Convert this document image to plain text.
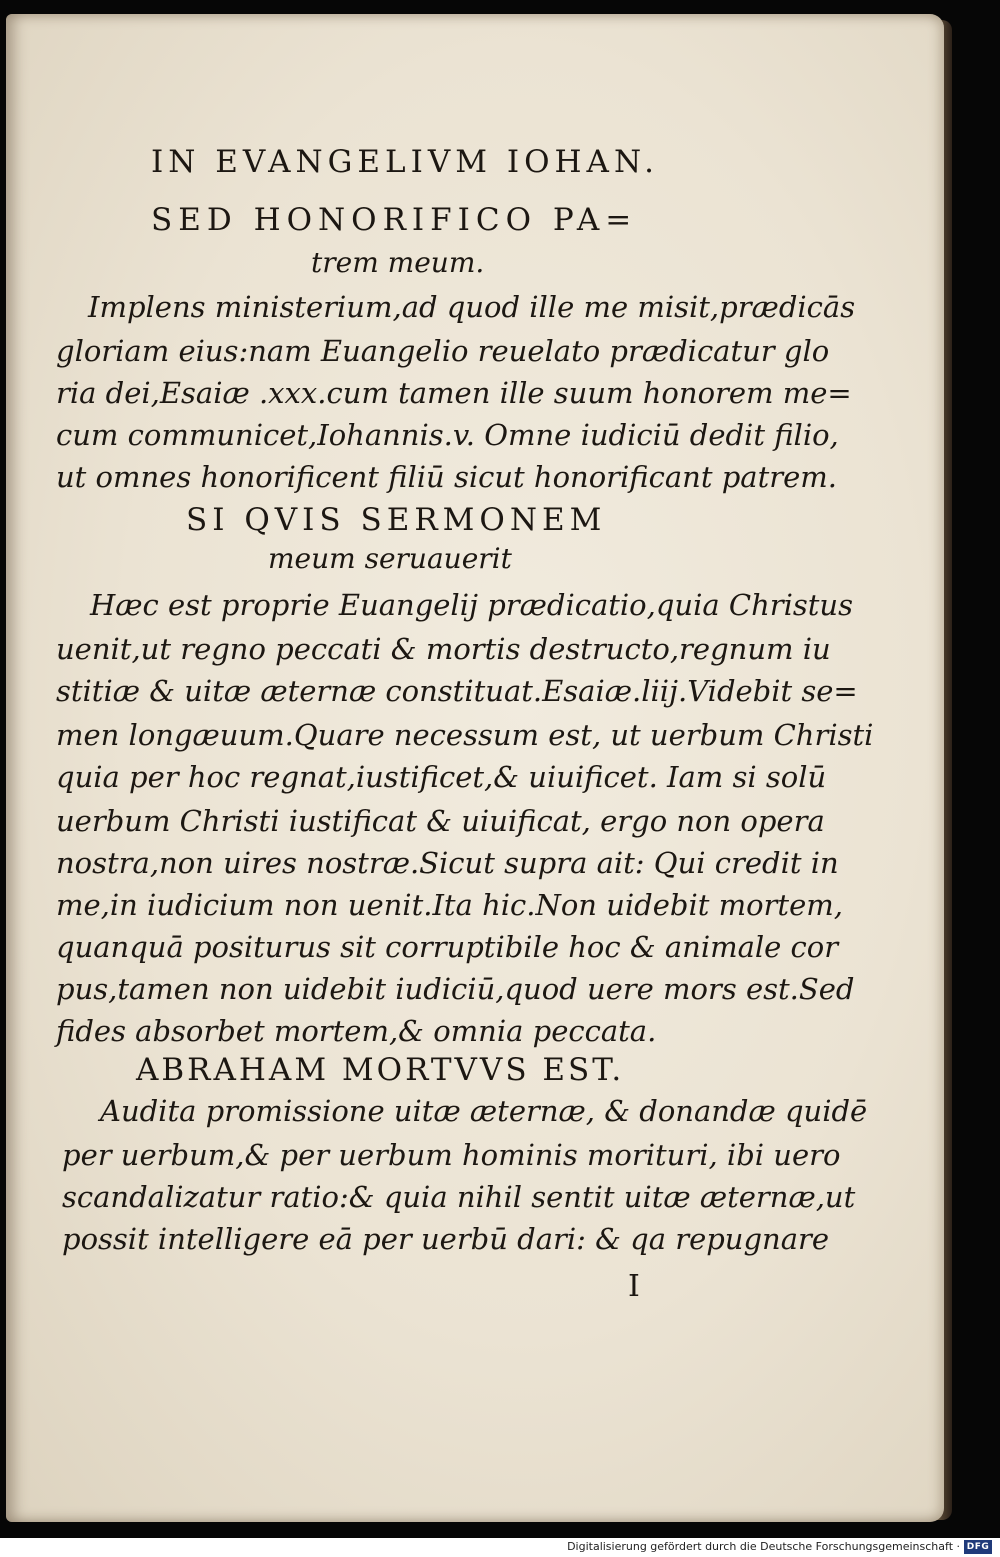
IN EVANGELIVM IOHAN.
SED HONORIFICO PA=
trem meum.
Implens ministerium,ad quod ille me misit,prædicās
gloriam eius:nam Euangelio reuelato prædicatur glo
ria dei,Esaiæ .xxx.cum tamen ille suum honorem me=
cum communicet,Iohannis.v. Omne iudiciū dedit filio,
ut omnes honorificent filiū sicut honorificant patrem.
SI QVIS SERMONEM
meum seruauerit
Hæc est proprie Euangelij prædicatio,quia Christus
uenit,ut regno peccati & mortis destructo,regnum iu
stitiæ & uitæ æternæ constituat.Esaiæ.liij.Videbit se=
men longæuum.Quare necessum est, ut uerbum Christi
quia per hoc regnat,iustificet,& uiuificet. Iam si solū
uerbum Christi iustificat & uiuificat, ergo non opera
nostra,non uires nostræ.Sicut supra ait: Qui credit in
me,in iudicium non uenit.Ita hic.Non uidebit mortem,
quanquā positurus sit corruptibile hoc & animale cor
pus,tamen non uidebit iudiciū,quod uere mors est.Sed
fides absorbet mortem,& omnia peccata.
ABRAHAM MORTVVS EST.
Audita promissione uitæ æternæ, & donandæ quidē
per uerbum,& per uerbum hominis morituri, ibi uero
scandalizatur ratio:& quia nihil sentit uitæ æternæ,ut
possit intelligere eā per uerbū dari: & qa repugnare
I
Digitalisierung gefördert durch die Deutsche Forschungsgemeinschaft · DFG
